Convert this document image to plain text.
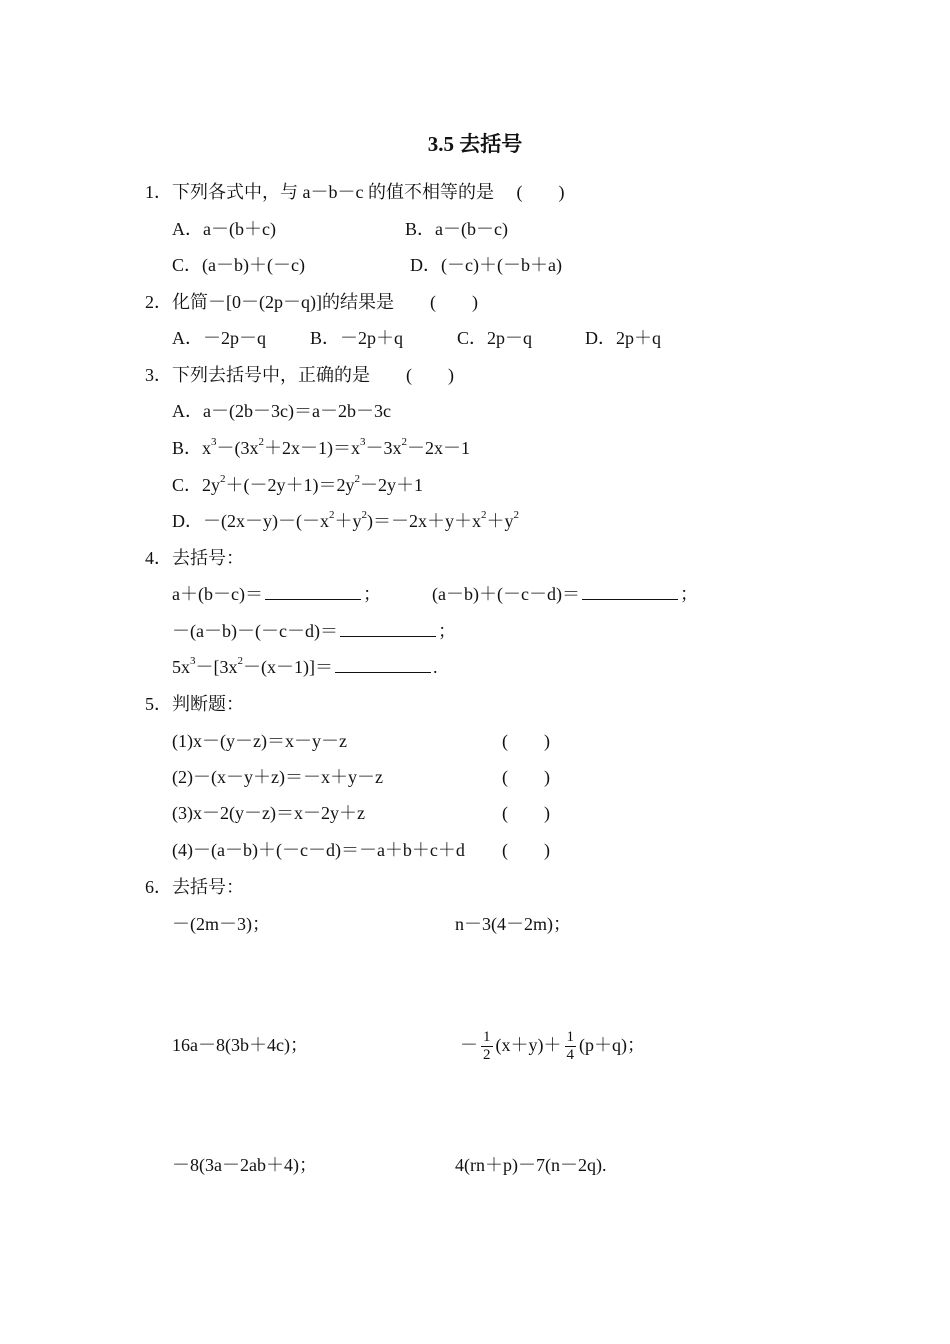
3.5 去括号
1．下列各式中，与 a－b－c 的值不相等的是　 (　　)
A．a－(b＋c)	B．a－(b－c)
C．(a－b)＋(－c)	D．(－c)＋(－b＋a)
2．化简－[0－(2p－q)]的结果是　　(　　)
A．－2p－q B．－2p＋q	C．2p－q	D．2p＋q
3．下列去括号中，正确的是　　(　　)
A．a－(2b－3c)＝a－2b－3c
B．$x^3-(3x^2+2x-1)=x^3-3x^2-2x-1$
C．$2y^2+(-2y+1)=2y^2-2y+1$
D．$-(2x-y)-(-x^2+y^2)=-2x+y+x^2+y^2$
4．去括号：
a＋(b－c)＝	；	(a－b)＋(－c－d)＝	；
－(a－b)－(－c－d)＝	；
$5x^3-[3x^2-(x-1)]=$	.
5．判断题：
(1)x－(y－z)＝x－y－z	(　　)
(2)－(x－y＋z)＝－x＋y－z	(　　)
(3)x－2(y－z)＝x－2y＋z	(　　)
(4)－(a－b)＋(－c－d)＝－a＋b＋c＋d (　　)
6．去括号：
－(2m－3)；	n－3(4－2m)；
16a－8(3b＋4c)；	－ $\frac{1}{2} (x+y)+ \frac{1}{4} (p+q)$；
－8(3a－2ab＋4)；	4(rn＋p)－7(n－2q).
